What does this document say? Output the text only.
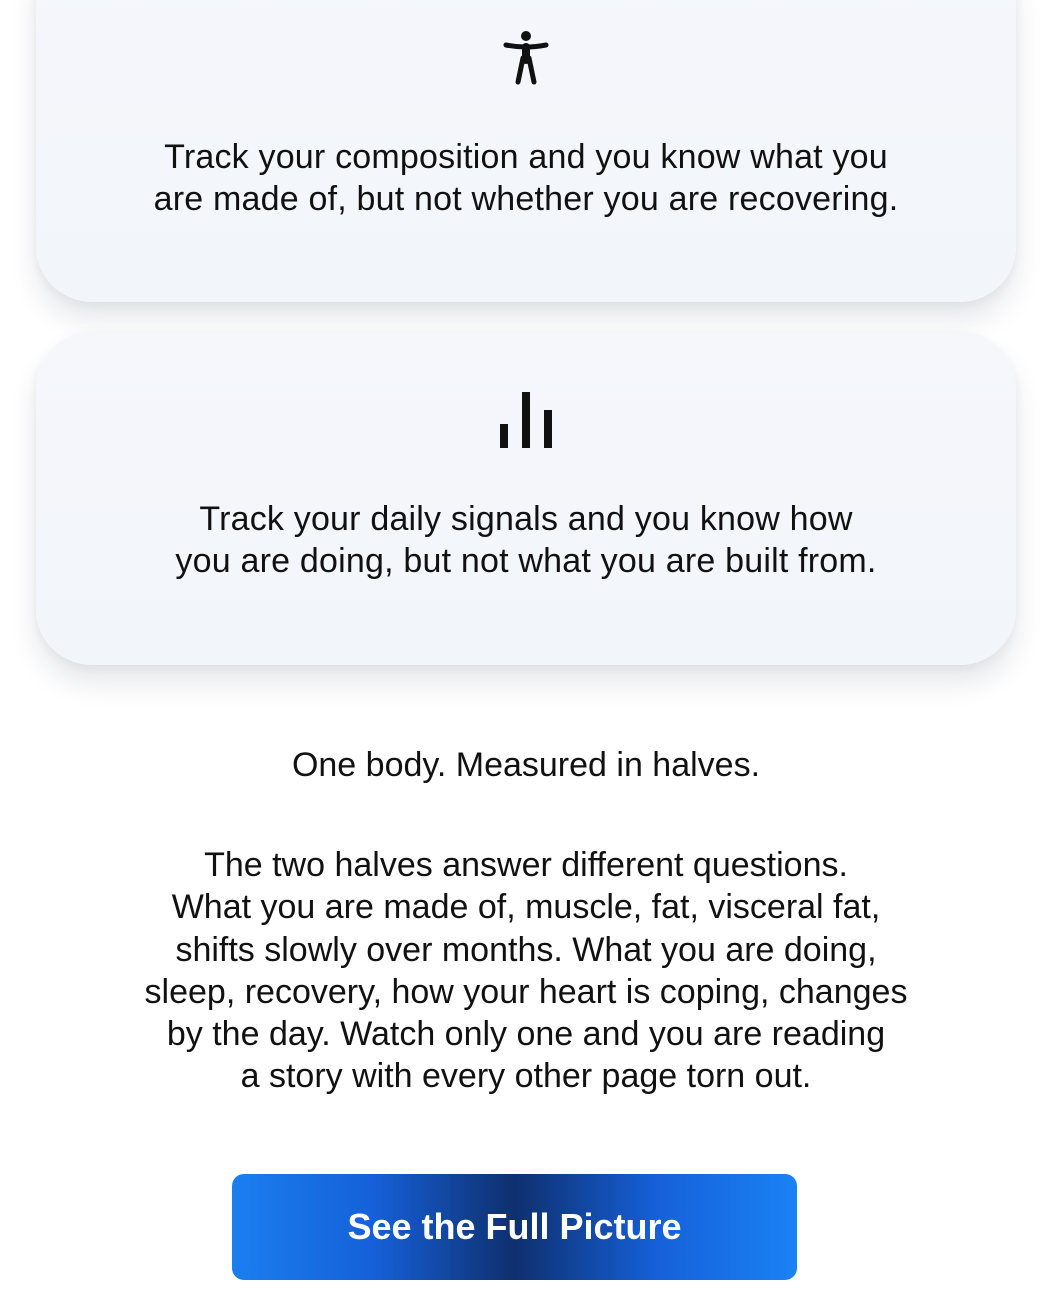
Track your composition and you know what you
are made of, but not whether you are recovering.
Track your daily signals and you know how
you are doing, but not what you are built from.
One body. Measured in halves.
The two halves answer different questions.
What you are made of, muscle, fat, visceral fat,
shifts slowly over months. What you are doing,
sleep, recovery, how your heart is coping, changes
by the day. Watch only one and you are reading
a story with every other page torn out.
See the Full Picture
